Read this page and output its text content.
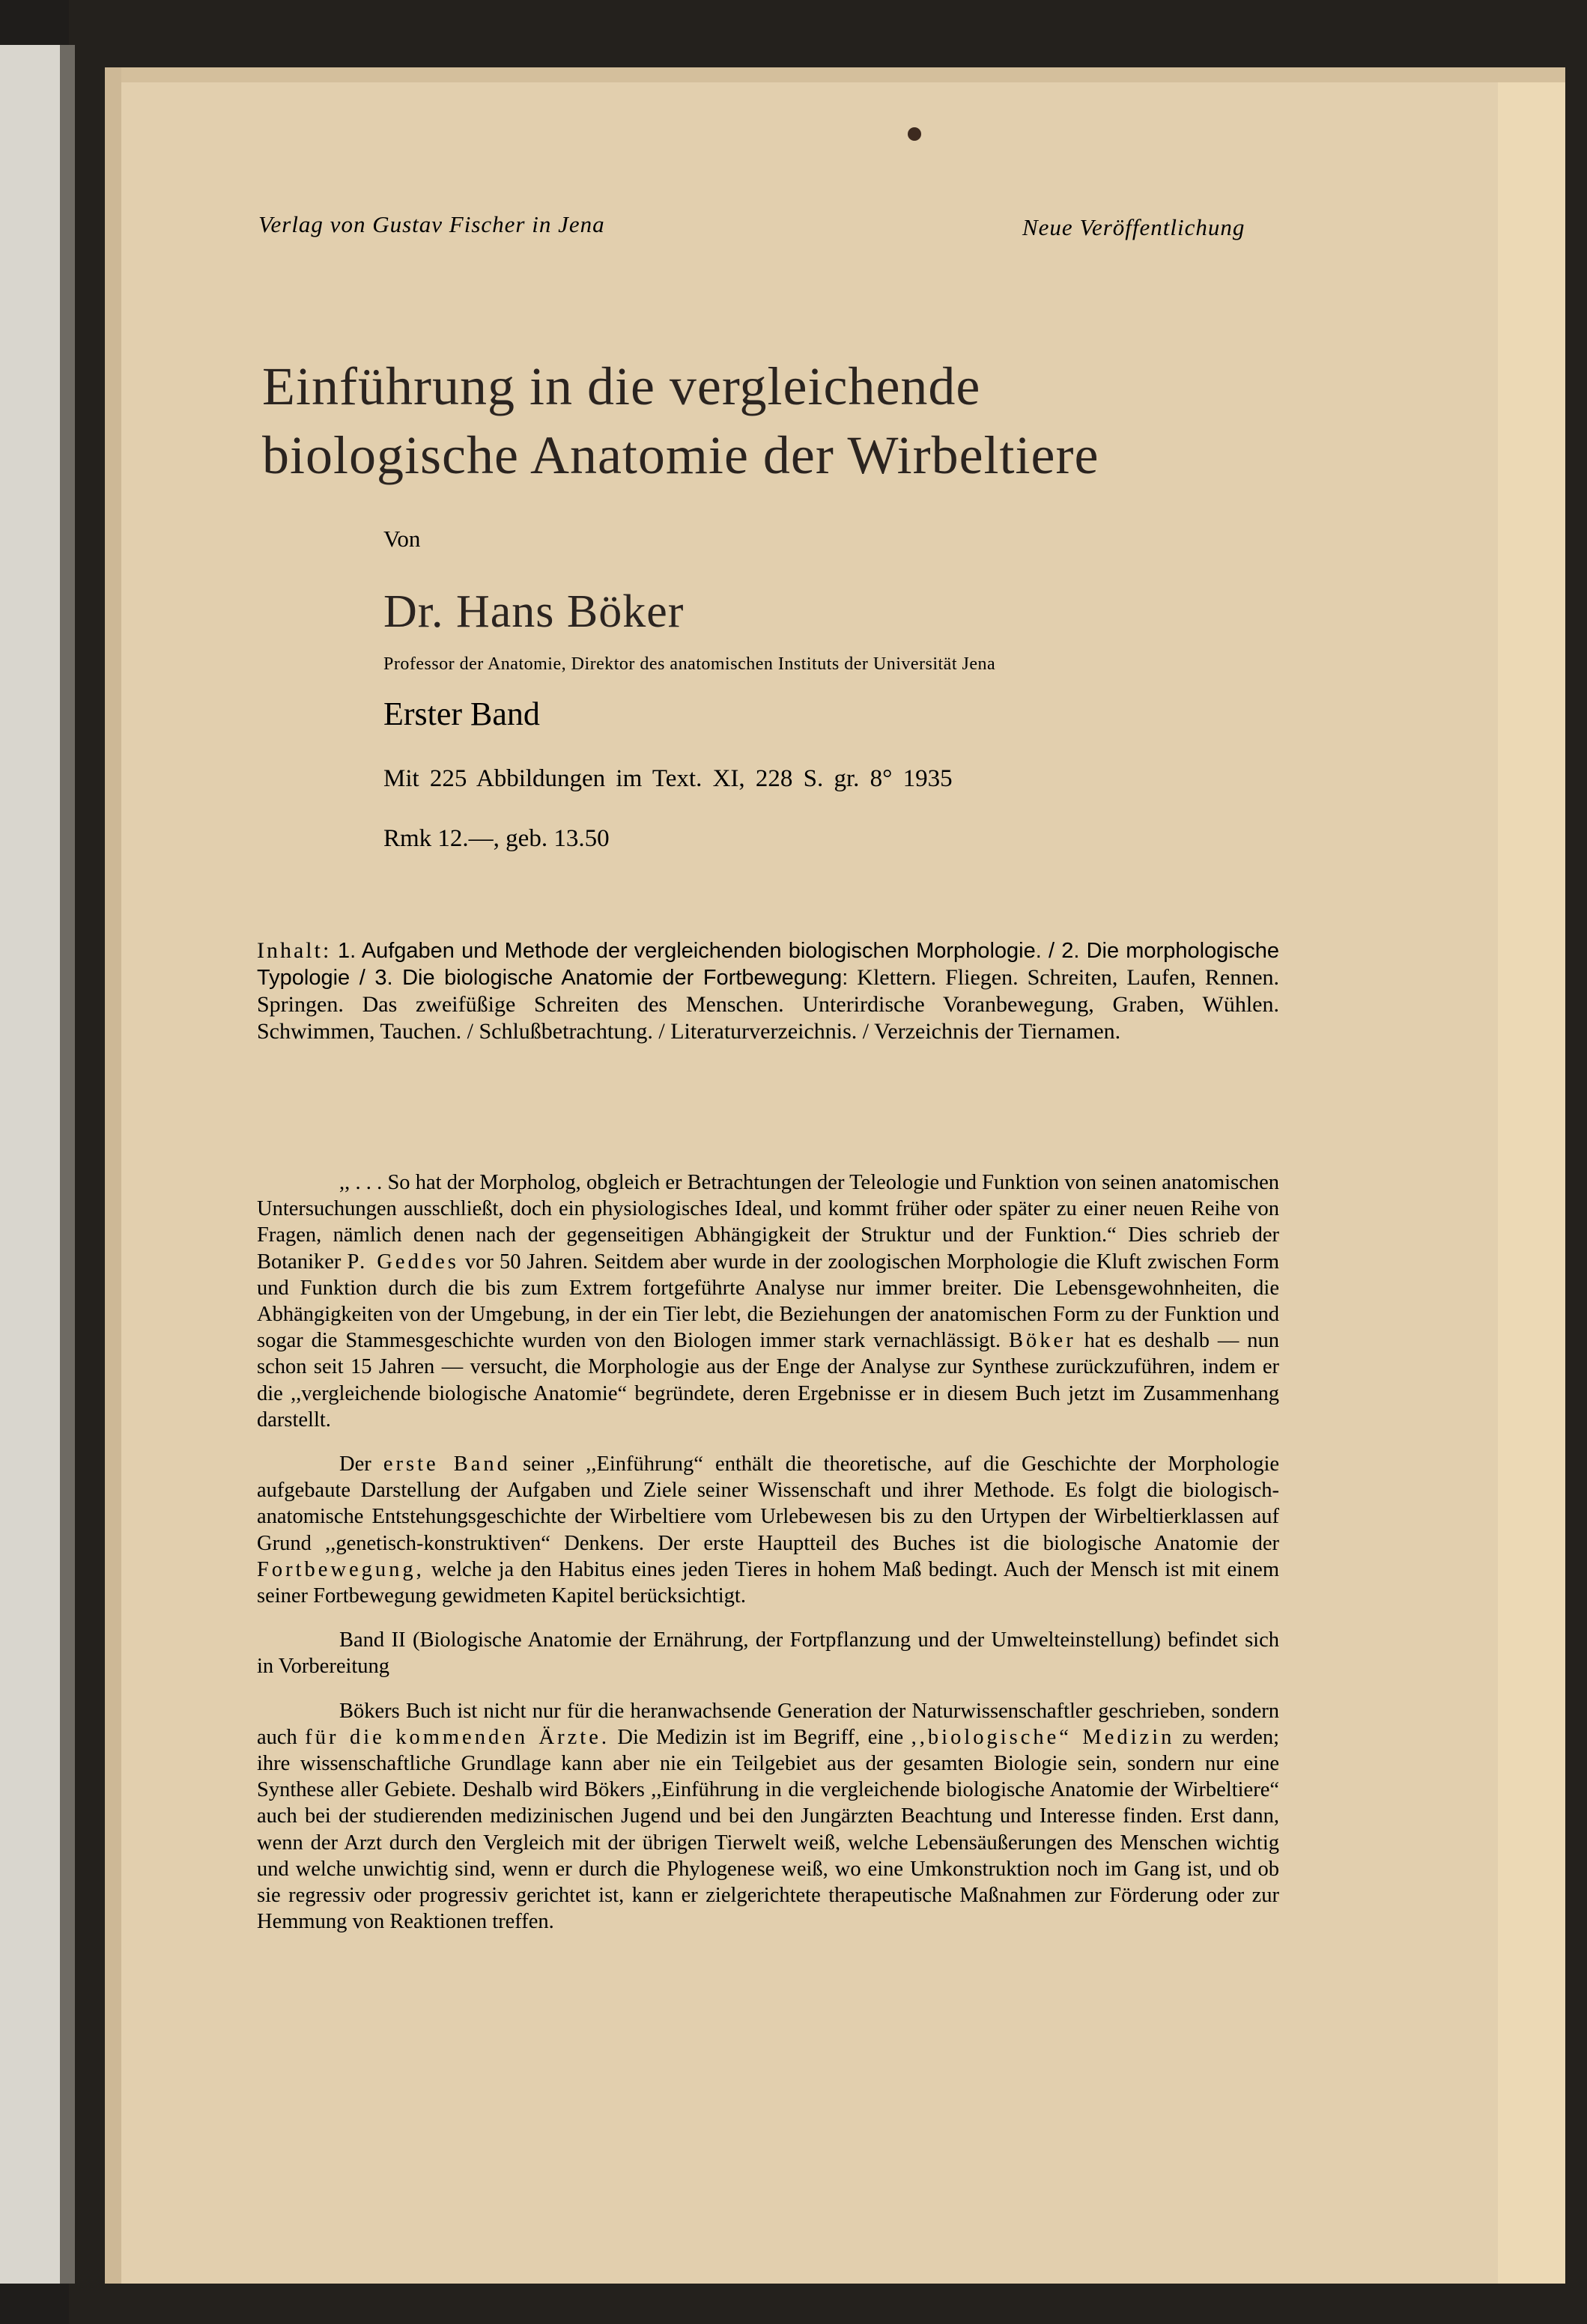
Verlag von Gustav Fischer in Jena	Neue Veröffentlichung
Einführung in die vergleichende
biologische Anatomie der Wirbeltiere
Von
Dr. Hans Böker
Professor der Anatomie, Direktor des anatomischen Instituts der Universität Jena
Erster Band
Mit 225 Abbildungen im Text. XI, 228 S. gr. 8° 1935
Rmk 12.—, geb. 13.50
Inhalt: 1. Aufgaben und Methode der vergleichenden biologischen Morphologie. / 2. Die morphologische Typologie / 3. Die biologische Anatomie der Fortbewegung: Klettern. Fliegen. Schreiten, Laufen, Rennen. Springen. Das zweifüßige Schreiten des Menschen. Unterirdische Voranbewegung, Graben, Wühlen. Schwimmen, Tauchen. / Schlußbetrachtung. / Literaturverzeichnis. / Verzeichnis der Tiernamen.

,, . . . So hat der Morpholog, obgleich er Betrachtungen der Teleologie und Funktion von seinen anatomischen Untersuchungen ausschließt, doch ein physiologisches Ideal, und kommt früher oder später zu einer neuen Reihe von Fragen, nämlich denen nach der gegenseitigen Abhängigkeit der Struktur und der Funktion.“ Dies schrieb der Botaniker P. Geddes vor 50 Jahren. Seitdem aber wurde in der zoologischen Morphologie die Kluft zwischen Form und Funktion durch die bis zum Extrem fortgeführte Analyse nur immer breiter. Die Lebensgewohnheiten, die Abhängigkeiten von der Umgebung, in der ein Tier lebt, die Beziehungen der anatomischen Form zu der Funktion und sogar die Stammesgeschichte wurden von den Biologen immer stark vernachlässigt. Böker hat es deshalb — nun schon seit 15 Jahren — versucht, die Morphologie aus der Enge der Analyse zur Synthese zurückzuführen, indem er die ,,vergleichende biologische Anatomie“ begründete, deren Ergebnisse er in diesem Buch jetzt im Zusammenhang darstellt.

Der erste Band seiner ,,Einführung“ enthält die theoretische, auf die Geschichte der Morphologie aufgebaute Darstellung der Aufgaben und Ziele seiner Wissenschaft und ihrer Methode. Es folgt die biologisch-anatomische Entstehungsgeschichte der Wirbeltiere vom Urlebewesen bis zu den Urtypen der Wirbeltierklassen auf Grund ,,genetisch-konstruktiven“ Denkens. Der erste Hauptteil des Buches ist die biologische Anatomie der Fortbewegung, welche ja den Habitus eines jeden Tieres in hohem Maß bedingt. Auch der Mensch ist mit einem seiner Fortbewegung gewidmeten Kapitel berücksichtigt.

Band II (Biologische Anatomie der Ernährung, der Fortpflanzung und der Umwelteinstellung) befindet sich in Vorbereitung

Bökers Buch ist nicht nur für die heranwachsende Generation der Naturwissenschaftler geschrieben, sondern auch für die kommenden Ärzte. Die Medizin ist im Begriff, eine ,,biologische“ Medizin zu werden; ihre wissenschaftliche Grundlage kann aber nie ein Teilgebiet aus der gesamten Biologie sein, sondern nur eine Synthese aller Gebiete. Deshalb wird Bökers ,,Einführung in die vergleichende biologische Anatomie der Wirbeltiere“ auch bei der studierenden medizinischen Jugend und bei den Jungärzten Beachtung und Interesse finden. Erst dann, wenn der Arzt durch den Vergleich mit der übrigen Tierwelt weiß, welche Lebensäußerungen des Menschen wichtig und welche unwichtig sind, wenn er durch die Phylogenese weiß, wo eine Umkonstruktion noch im Gang ist, und ob sie regressiv oder progressiv gerichtet ist, kann er zielgerichtete therapeutische Maßnahmen zur Förderung oder zur Hemmung von Reaktionen treffen.
